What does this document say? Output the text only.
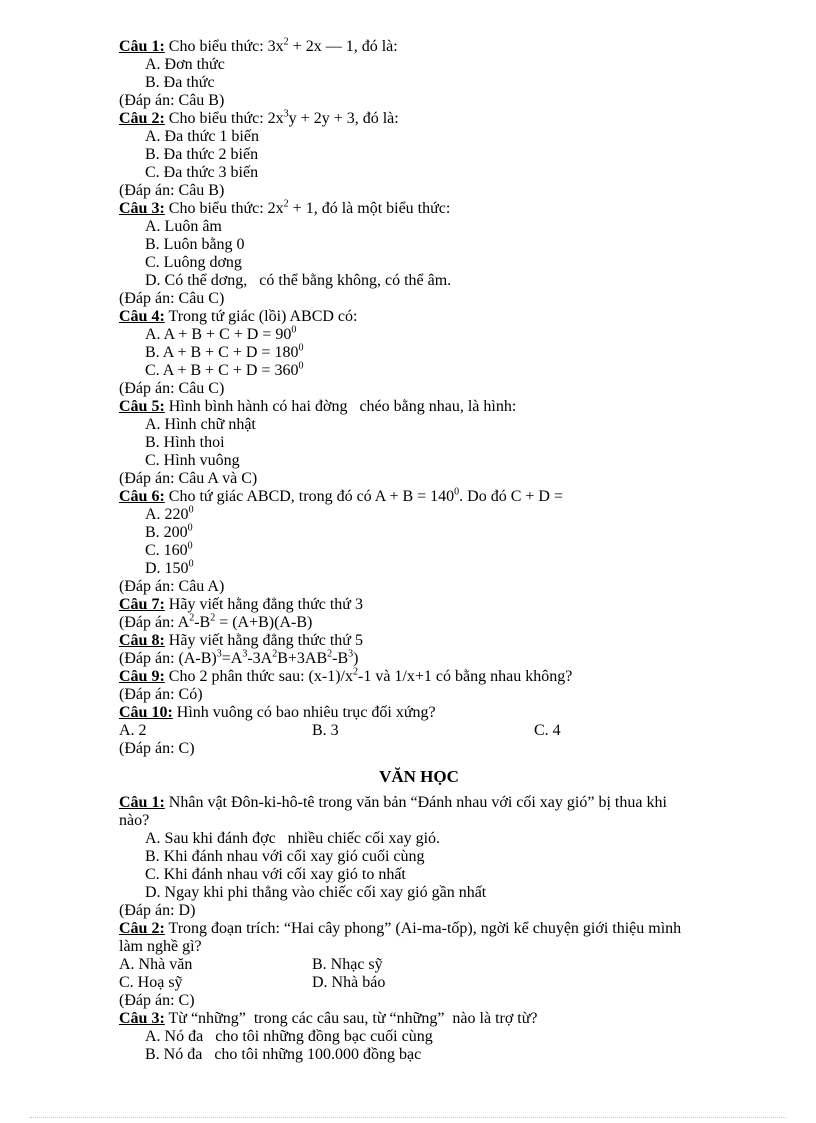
Câu 1: Cho biểu thức: $3x^2 + 2x$ — 1, đó là:
A. Đơn thức
B. Đa thức
(Đáp án: Câu B)
Câu 2: Cho biểu thức: $2x^3y + 2y + 3$, đó là:
A. Đa thức 1 biến
B. Đa thức 2 biến
C. Đa thức 3 biến
(Đáp án: Câu B)
Câu 3: Cho biểu thức: $2x^2 + 1$, đó là một biểu thức:
A. Luôn âm
B. Luôn bằng 0
C. Luông dơng
D. Có thể dơng,   có thể bằng không, có thể âm.
(Đáp án: Câu C)
Câu 4: Trong tứ giác (lồi) ABCD có:
A. $A + B + C + D = 90^0$
B. $A + B + C + D = 180^0$
C. $A + B + C + D = 360^0$
(Đáp án: Câu C)
Câu 5: Hình bình hành có hai đờng   chéo bằng nhau, là hình:
A. Hình chữ nhật
B. Hình thoi
C. Hình vuông
(Đáp án: Câu A và C)
Câu 6: Cho tứ giác ABCD, trong đó có $A + B = 140^0$. Do đó C + D =
A. $220^0$
B. $200^0$
C. $160^0$
D. $150^0$
(Đáp án: Câu A)
Câu 7: Hãy viết hằng đẳng thức thứ 3
(Đáp án: $A^2-B^2 = (A+B)(A-B)$
Câu 8: Hãy viết hằng đẳng thức thứ 5
(Đáp án: $(A-B)^3=A^3-3A^2B+3AB^2-B^3$)
Câu 9: Cho 2 phân thức sau: $(x-1)/x^2-1$ và 1/x+1 có bằng nhau không?
(Đáp án: Có)
Câu 10: Hình vuông có bao nhiêu trục đối xứng?
A. 2	B. 3	C. 4
(Đáp án: C)
VĂN HỌC
Câu 1: Nhân vật Đôn-ki-hô-tê trong văn bản “Đánh nhau với cối xay gió” bị thua khi nào?
A. Sau khi đánh đợc   nhiều chiếc cối xay gió.
B. Khi đánh nhau với cối xay gió cuối cùng
C. Khi đánh nhau với cối xay gió to nhất
D. Ngay khi phi thẳng vào chiếc cối xay gió gần nhất
(Đáp án: D)
Câu 2: Trong đoạn trích: “Hai cây phong” (Ai-ma-tốp), ngời kể chuyện giới thiệu mình làm nghề gì?
A. Nhà văn	B. Nhạc sỹ
C. Hoạ sỹ	D. Nhà báo
(Đáp án: C)
Câu 3: Từ “những”  trong các câu sau, từ “những”  nào là trợ từ?
A. Nó đa   cho tôi những đồng bạc cuối cùng
B. Nó đa   cho tôi những 100.000 đồng bạc
